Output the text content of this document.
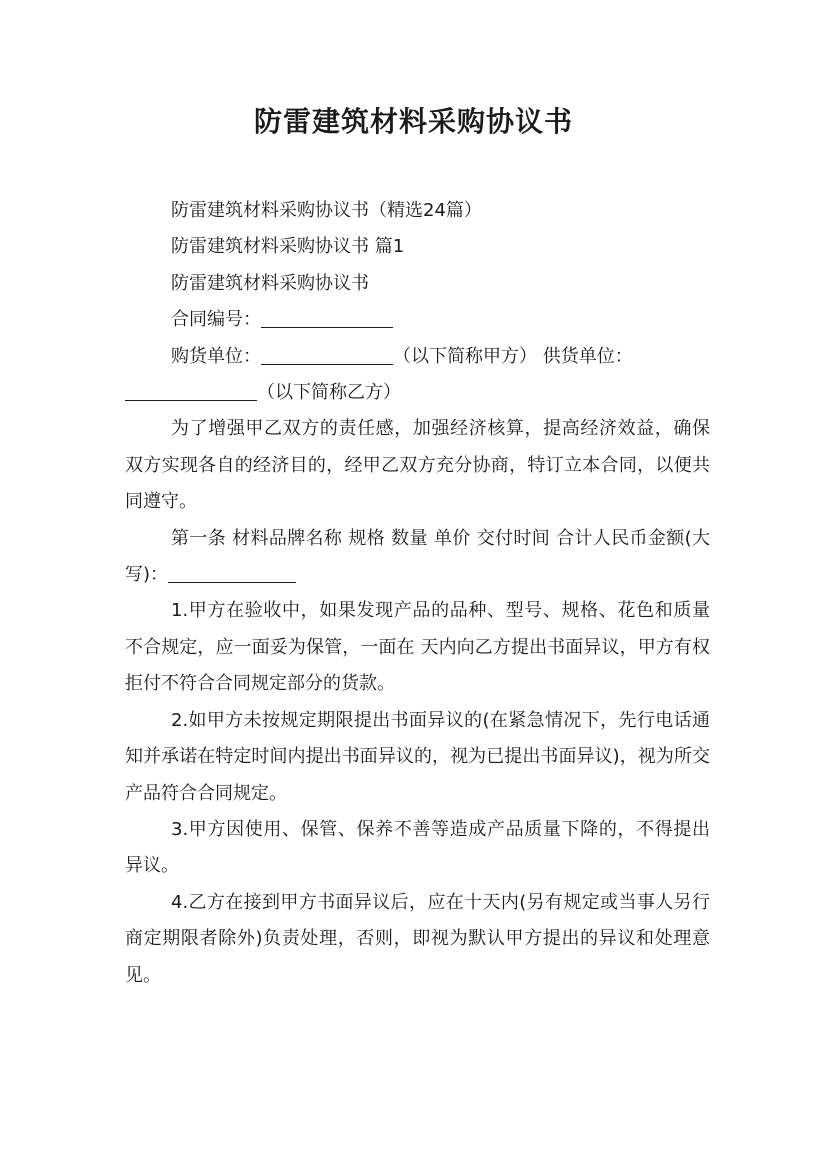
防雷建筑材料采购协议书

防雷建筑材料采购协议书（精选24篇）

防雷建筑材料采购协议书 篇1

防雷建筑材料采购协议书

合同编号：

购货单位：	（以下简称甲方） 供货单位：
（以下简称乙方）

为了增强甲乙双方的责任感，加强经济核算，提高经济效益，确保双方实现各自的经济目的，经甲乙双方充分协商，特订立本合同，以便共同遵守。

第一条 材料品牌名称 规格 数量 单价 交付时间 合计人民币金额(大写)：

1.甲方在验收中，如果发现产品的品种、型号、规格、花色和质量不合规定，应一面妥为保管，一面在 天内向乙方提出书面异议，甲方有权拒付不符合合同规定部分的货款。

2.如甲方未按规定期限提出书面异议的(在紧急情况下，先行电话通知并承诺在特定时间内提出书面异议的，视为已提出书面异议)，视为所交产品符合合同规定。

3.甲方因使用、保管、保养不善等造成产品质量下降的，不得提出异议。

4.乙方在接到甲方书面异议后，应在十天内(另有规定或当事人另行商定期限者除外)负责处理，否则，即视为默认甲方提出的异议和处理意见。
